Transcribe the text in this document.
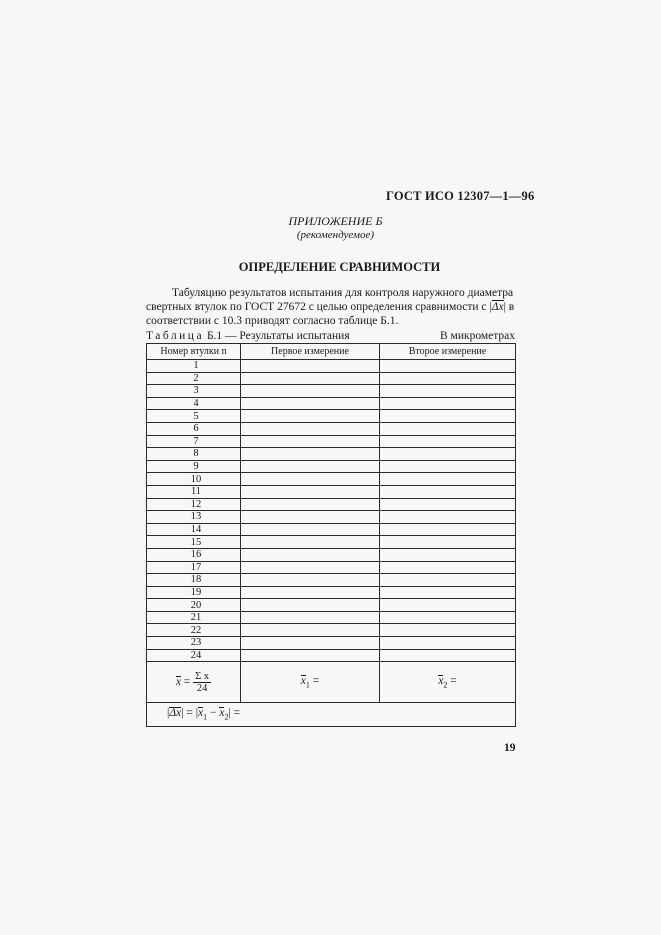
ГОСТ ИСО 12307—1—96
ПРИЛОЖЕНИЕ Б
(рекомендуемое)
ОПРЕДЕЛЕНИЕ СРАВНИМОСТИ
Табуляцию результатов испытания для контроля наружного диаметра
свертных втулок по ГОСТ 27672 с целью определения сравнимости с |Δx| в
соответствии с 10.3 приводят согласно таблице Б.1.
Таблица Б.1 — Результаты испытания	В микрометрах
Номер втулки n	Первое измерение	Второе измерение
1		
2		
3		
4		
5		
6		
7		
8		
9		
10		
11		
12		
13		
14		
15		
16		
17		
18		
19		
20		
21		
22		
23		
24		
$x = \frac{\text{Σ x}}{24}$	$x_1$ =	$x_2$ =
$|\Delta x| = |x_1 - x_2|$ =		
19
